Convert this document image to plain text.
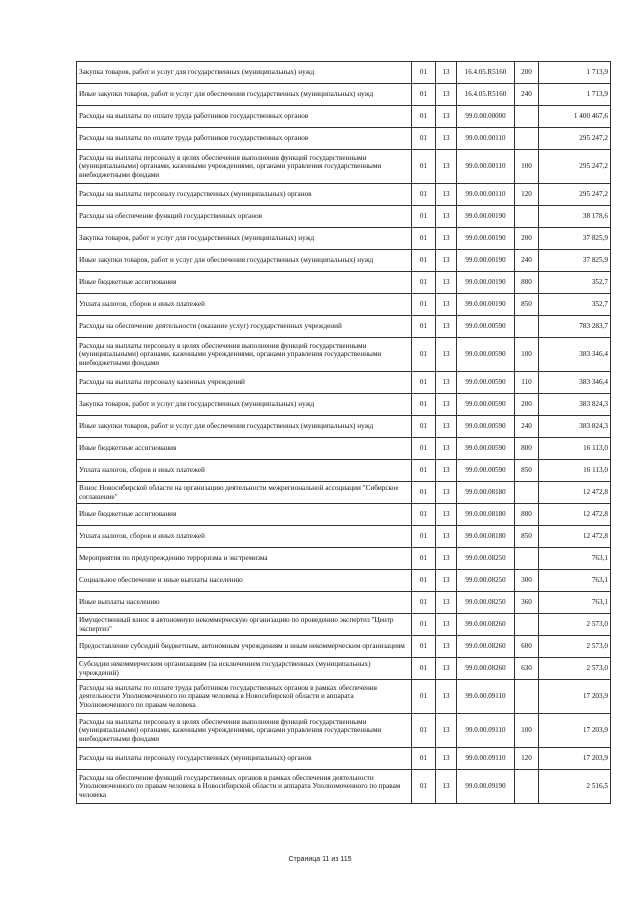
Закупка товаров, работ и услуг для государственных (муниципальных) нужд	01	13	16.4.05.R5160	200	1 713,9
Иные закупки товаров, работ и услуг для обеспечения государственных (муниципальных) нужд	01	13	16.4.05.R5160	240	1 713,9
Расходы на выплаты по оплате труда работников государственных органов	01	13	99.0.00.00000		1 400 467,6
Расходы на выплаты по оплате труда работников государственных органов	01	13	99.0.00.00110		295 247,2
Расходы на выплаты персоналу в целях обеспечения выполнения функций государственными (муниципальными) органами, казенными учреждениями, органами управления государственными внебюджетными фондами	01	13	99.0.00.00110	100	295 247,2
Расходы на выплаты персоналу государственных (муниципальных) органов	01	13	99.0.00.00110	120	295 247,2
Расходы на обеспечение функций государственных органов	01	13	99.0.00.00190		38 178,6
Закупка товаров, работ и услуг для государственных (муниципальных) нужд	01	13	99.0.00.00190	200	37 825,9
Иные закупки товаров, работ и услуг для обеспечения государственных (муниципальных) нужд	01	13	99.0.00.00190	240	37 825,9
Иные бюджетные ассигнования	01	13	99.0.00.00190	800	352,7
Уплата налогов, сборов и иных платежей	01	13	99.0.00.00190	850	352,7
Расходы на обеспечение деятельности (оказание услуг) государственных учреждений	01	13	99.0.00.00590		783 283,7
Расходы на выплаты персоналу в целях обеспечения выполнения функций государственными (муниципальными) органами, казенными учреждениями, органами управления государственными внебюджетными фондами	01	13	99.0.00.00590	100	383 346,4
Расходы на выплаты персоналу казенных учреждений	01	13	99.0.00.00590	110	383 346,4
Закупка товаров, работ и услуг для государственных (муниципальных) нужд	01	13	99.0.00.00590	200	383 824,3
Иные закупки товаров, работ и услуг для обеспечения государственных (муниципальных) нужд	01	13	99.0.00.00590	240	383 824,3
Иные бюджетные ассигнования	01	13	99.0.00.00590	800	16 113,0
Уплата налогов, сборов и иных платежей	01	13	99.0.00.00590	850	16 113,0
Взнос Новосибирской области на организацию деятельности межрегиональной ассоциации "Сибирское соглашение"	01	13	99.0.00.08180		12 472,8
Иные бюджетные ассигнования	01	13	99.0.00.08180	800	12 472,8
Уплата налогов, сборов и иных платежей	01	13	99.0.00.08180	850	12 472,8
Мероприятия по предупреждению терроризма и экстремизма	01	13	99.0.00.08250		763,1
Социальное обеспечение и иные выплаты населению	01	13	99.0.00.08250	300	763,1
Иные выплаты населению	01	13	99.0.00.08250	360	763,1
Имущественный взнос в автономную некоммерческую организацию по проведению экспертиз "Центр экспертиз"	01	13	99.0.00.08260		2 573,0
Предоставление субсидий бюджетным, автономным учреждениям и иным некоммерческим организациям	01	13	99.0.00.08260	600	2 573,0
Субсидии некоммерческим организациям (за исключением государственных (муниципальных) учреждений)	01	13	99.0.00.08260	630	2 573,0
Расходы на выплаты по оплате труда работников государственных органов в рамках обеспечения деятельности Уполномоченного по правам человека в Новосибирской области и аппарата Уполномоченного по правам человека	01	13	99.0.00.09110		17 203,9
Расходы на выплаты персоналу в целях обеспечения выполнения функций государственными (муниципальными) органами, казенными учреждениями, органами управления государственными внебюджетными фондами	01	13	99.0.00.09110	100	17 203,9
Расходы на выплаты персоналу государственных (муниципальных) органов	01	13	99.0.00.09110	120	17 203,9
Расходы на обеспечение функций государственных органов в рамках обеспечения деятельности Уполномоченного по правам человека в Новосибирской области и аппарата Уполномоченного по правам человека	01	13	99.0.00.09190		2 516,5
Страница 11 из 115
